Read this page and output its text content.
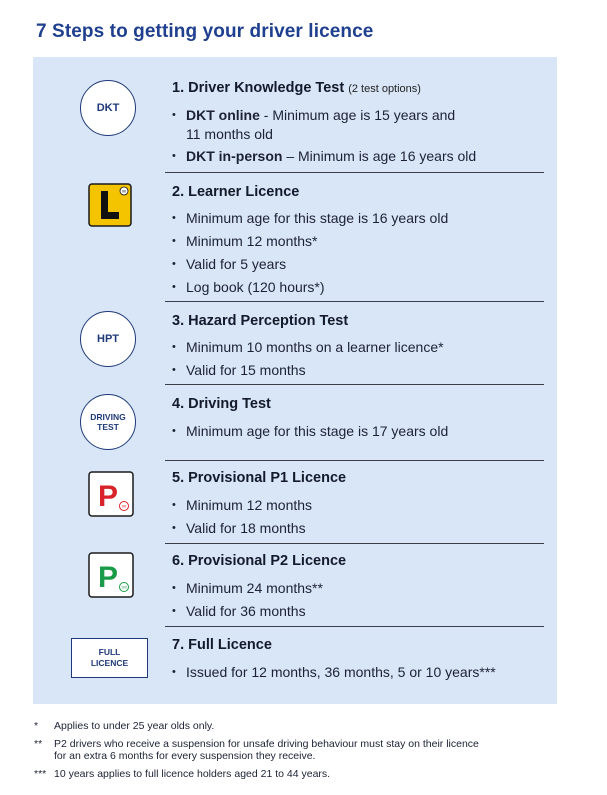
7 Steps to getting your driver licence
DKT
1. Driver Knowledge Test (2 test options)
• DKT online - Minimum age is 15 years and
11 months old
• DKT in-person – Minimum is age 16 years old
90	2. Learner Licence
• Minimum age for this stage is 16 years old
• Minimum 12 months*
• Valid for 5 years
• Log book (120 hours*)
HPT
3. Hazard Perception Test
• Minimum 10 months on a learner licence*
• Valid for 15 months
DRIVING
TEST
4. Driving Test
• Minimum age for this stage is 17 years old
P 90
5. Provisional P1 Licence
• Minimum 12 months
• Valid for 18 months
P 100
6. Provisional P2 Licence
• Minimum 24 months**
• Valid for 36 months
FULL
LICENCE
7. Full Licence
• Issued for 12 months, 36 months, 5 or 10 years***
* Applies to under 25 year olds only.
** P2 drivers who receive a suspension for unsafe driving behaviour must stay on their licence
for an extra 6 months for every suspension they receive.
*** 10 years applies to full licence holders aged 21 to 44 years.
